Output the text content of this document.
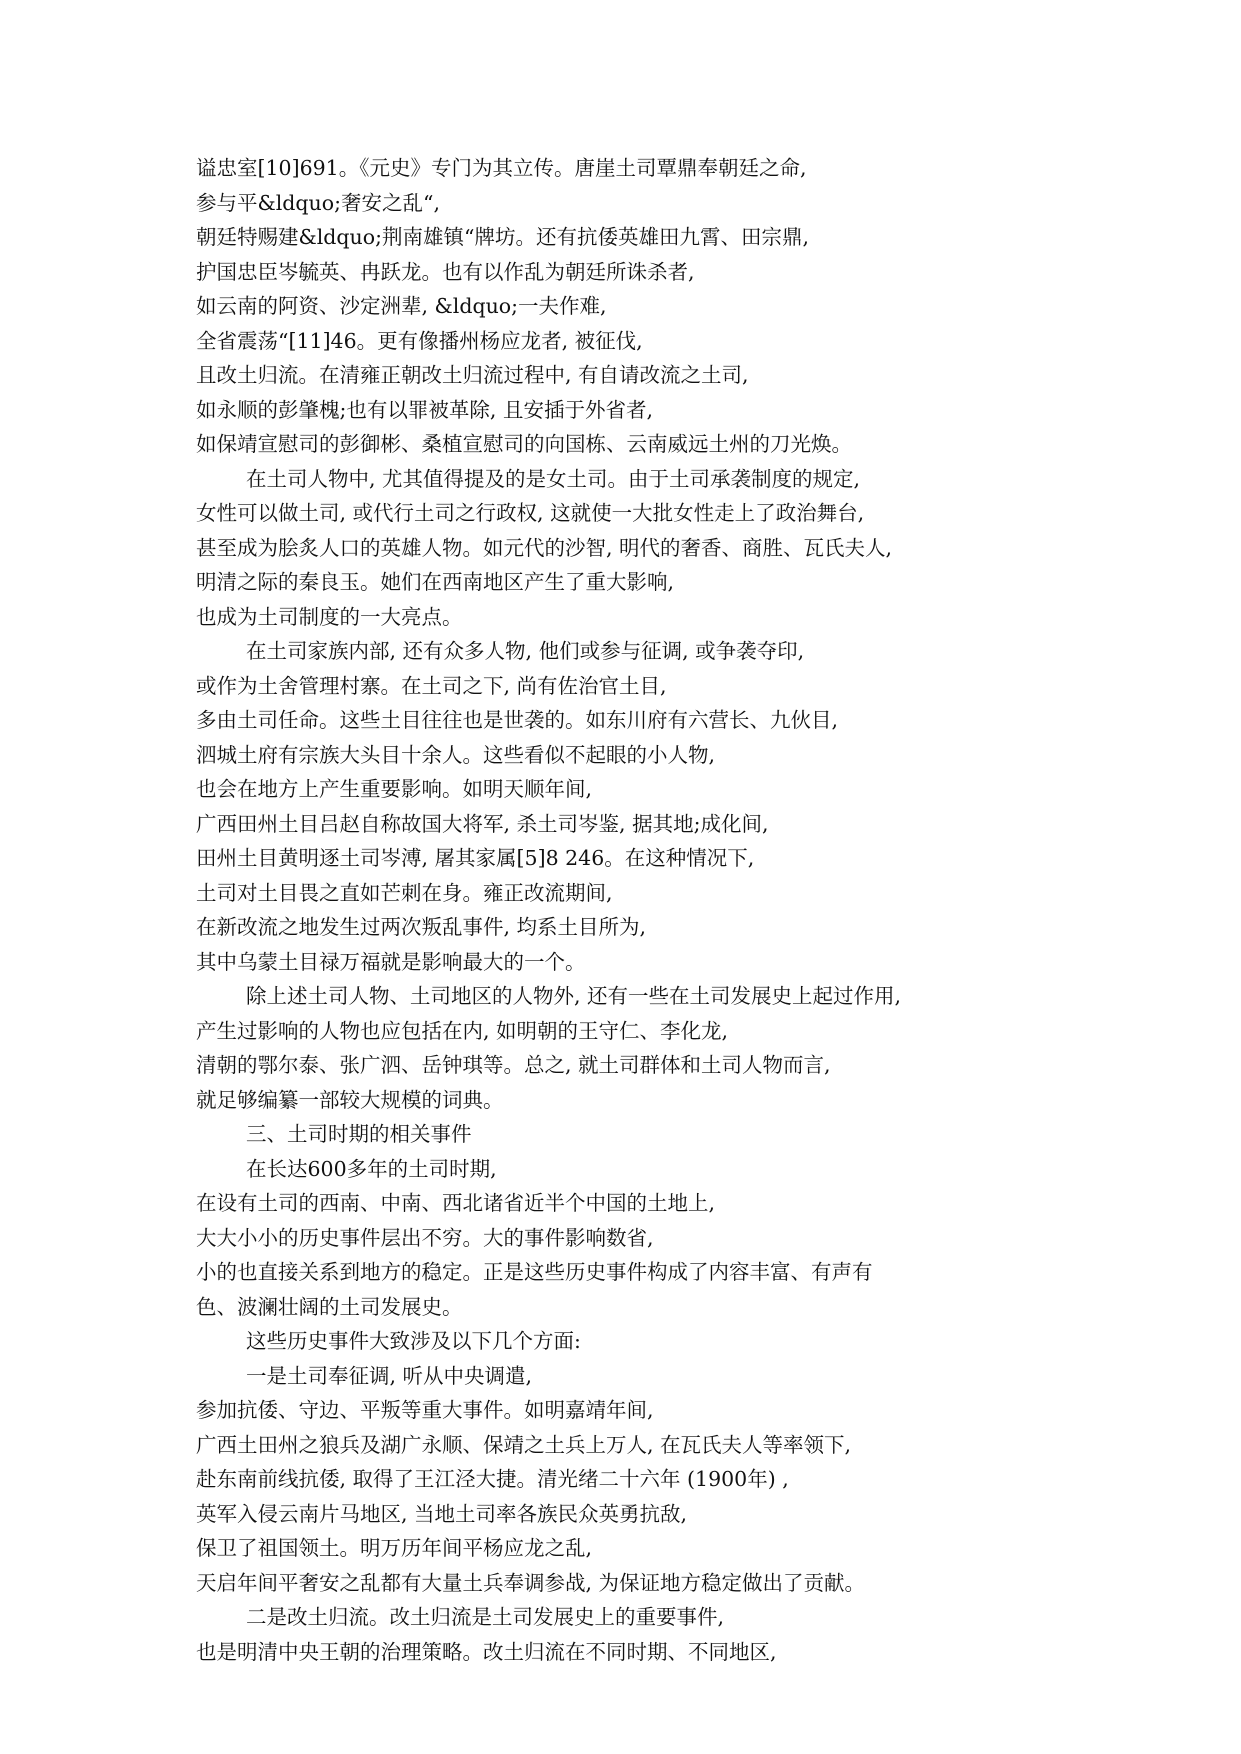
谥忠室[10]691。《元史》专门为其立传。唐崖土司覃鼎奉朝廷之命,
参与平&ldquo;奢安之乱“,
朝廷特赐建&ldquo;荆南雄镇“牌坊。还有抗倭英雄田九霄、田宗鼎,
护国忠臣岑毓英、冉跃龙。也有以作乱为朝廷所诛杀者,
如云南的阿资、沙定洲辈, &ldquo;一夫作难,
全省震荡“[11]46。更有像播州杨应龙者, 被征伐,
且改土归流。在清雍正朝改土归流过程中, 有自请改流之土司,
如永顺的彭肇槐;也有以罪被革除, 且安插于外省者,
如保靖宣慰司的彭御彬、桑植宣慰司的向国栋、云南威远土州的刀光焕。
在土司人物中, 尤其值得提及的是女土司。由于土司承袭制度的规定,
女性可以做土司, 或代行土司之行政权, 这就使一大批女性走上了政治舞台,
甚至成为脍炙人口的英雄人物。如元代的沙智, 明代的奢香、商胜、瓦氏夫人,
明清之际的秦良玉。她们在西南地区产生了重大影响,
也成为土司制度的一大亮点。
在土司家族内部, 还有众多人物, 他们或参与征调, 或争袭夺印,
或作为土舍管理村寨。在土司之下, 尚有佐治官土目,
多由土司任命。这些土目往往也是世袭的。如东川府有六营长、九伙目,
泗城土府有宗族大头目十余人。这些看似不起眼的小人物,
也会在地方上产生重要影响。如明天顺年间,
广西田州土目吕赵自称故国大将军, 杀土司岑鉴, 据其地;成化间,
田州土目黄明逐土司岑溥, 屠其家属[5]8 246。在这种情况下,
土司对土目畏之直如芒刺在身。雍正改流期间,
在新改流之地发生过两次叛乱事件, 均系土目所为,
其中乌蒙土目禄万福就是影响最大的一个。
除上述土司人物、土司地区的人物外, 还有一些在土司发展史上起过作用,
产生过影响的人物也应包括在内, 如明朝的王守仁、李化龙,
清朝的鄂尔泰、张广泗、岳钟琪等。总之, 就土司群体和土司人物而言,
就足够编纂一部较大规模的词典。
三、土司时期的相关事件
在长达600多年的土司时期,
在设有土司的西南、中南、西北诸省近半个中国的土地上,
大大小小的历史事件层出不穷。大的事件影响数省,
小的也直接关系到地方的稳定。正是这些历史事件构成了内容丰富、有声有
色、波澜壮阔的土司发展史。
这些历史事件大致涉及以下几个方面:
一是土司奉征调, 听从中央调遣,
参加抗倭、守边、平叛等重大事件。如明嘉靖年间,
广西土田州之狼兵及湖广永顺、保靖之土兵上万人, 在瓦氏夫人等率领下,
赴东南前线抗倭, 取得了王江泾大捷。清光绪二十六年 (1900年) ,
英军入侵云南片马地区, 当地土司率各族民众英勇抗敌,
保卫了祖国领土。明万历年间平杨应龙之乱,
天启年间平奢安之乱都有大量土兵奉调参战, 为保证地方稳定做出了贡献。
二是改土归流。改土归流是土司发展史上的重要事件,
也是明清中央王朝的治理策略。改土归流在不同时期、不同地区,
